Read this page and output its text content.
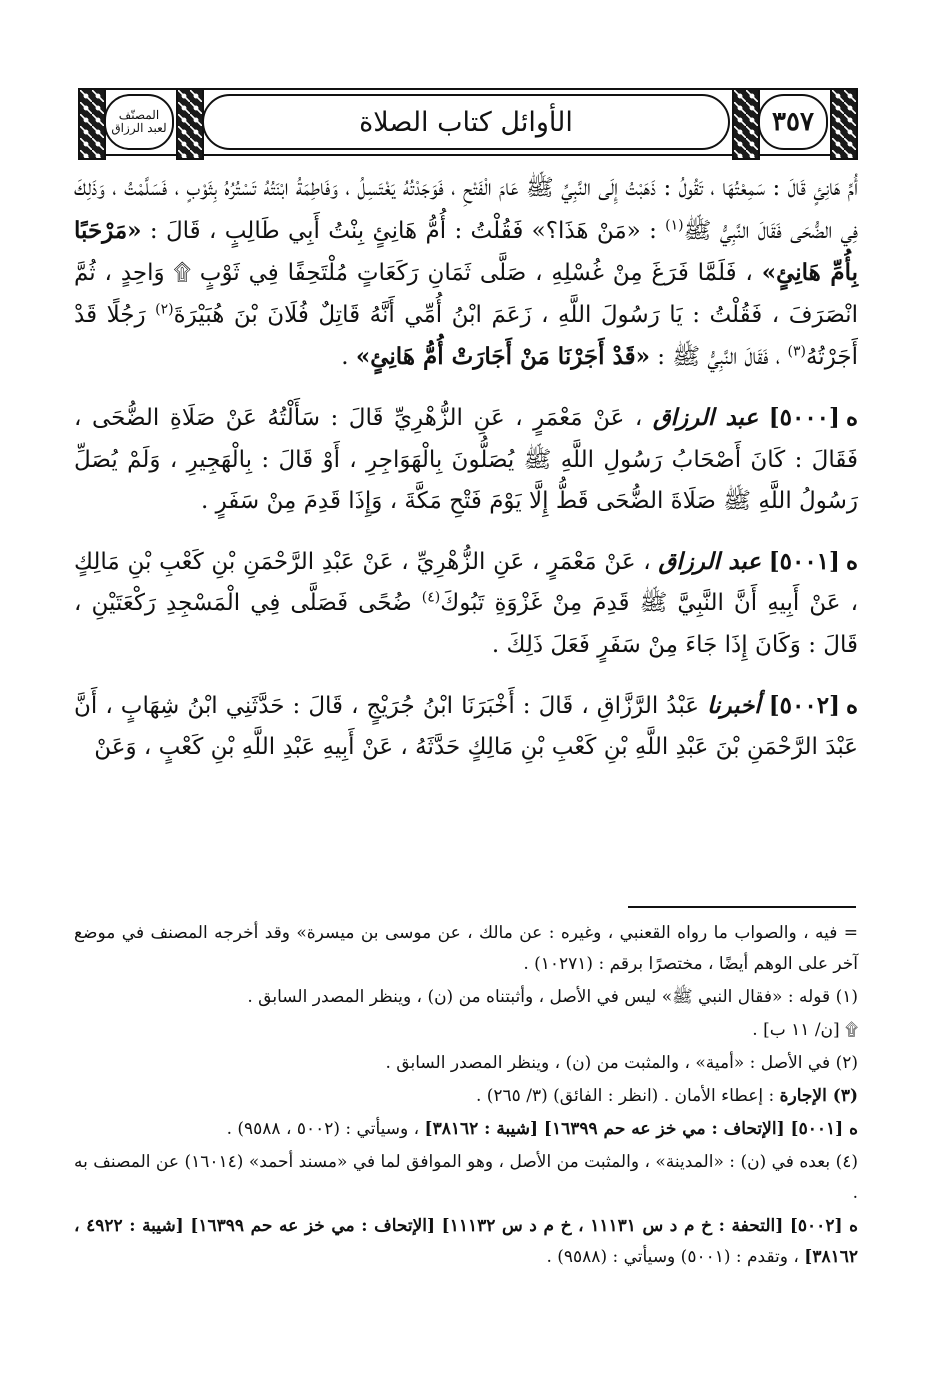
المصنّف
لعبد الرزاق	الأوائل كتاب الصلاة	٣٥٧

أُمِّ هَانِئٍ قَالَ : سَمِعْتُهَا ، تَقُولُ : ذَهَبْتُ إِلَى النَّبِيِّ ﷺ عَامَ الْفَتْحِ ، فَوَجَدْتُهُ يَغْتَسِلُ ، وَفَاطِمَةُ ابْنَتُهُ تَسْتُرُهُ بِثَوْبٍ ، فَسَلَّمْتُ ، وَذَلِكَ فِي الضُّحَى فَقَالَ النَّبِيُّ ﷺ$^{(١)}$ : «مَنْ هَذَا؟» فَقُلْتُ : أُمُّ هَانِئٍ بِنْتُ أَبِي طَالِبٍ ، قَالَ : «مَرْحَبًا بِأُمِّ هَانِئٍ» ، فَلَمَّا فَرَغَ مِنْ غُسْلِهِ ، صَلَّى ثَمَانِ رَكَعَاتٍ مُلْتَحِفًا فِي ثَوْبٍ ۩ وَاحِدٍ ، ثُمَّ انْصَرَفَ ، فَقُلْتُ : يَا رَسُولَ اللَّهِ ، زَعَمَ ابْنُ أُمِّي أَنَّهُ قَاتِلٌ فُلَانَ بْنَ هُبَيْرَةَ$^{(٢)}$ رَجُلًا قَدْ أَجَرْتُهُ$^{(٣)}$ ، فَقَالَ النَّبِيُّ ﷺ : «قَدْ أَجَرْنَا مَنْ أَجَارَتْ أُمُّ هَانِئٍ» .

ه[٥٠٠٠] عبد الرزاق ، عَنْ مَعْمَرٍ ، عَنِ الزُّهْرِيِّ قَالَ : سَأَلْتُهُ عَنْ صَلَاةِ الضُّحَى ، فَقَالَ : كَانَ أَصْحَابُ رَسُولِ اللَّهِ ﷺ يُصَلُّونَ بِالْهَوَاجِرِ ، أَوْ قَالَ : بِالْهَجِيرِ ، وَلَمْ يُصَلِّ رَسُولُ اللَّهِ ﷺ صَلَاةَ الضُّحَى قَطُّ إِلَّا يَوْمَ فَتْحِ مَكَّةَ ، وَإِذَا قَدِمَ مِنْ سَفَرٍ .

ه[٥٠٠١] عبد الرزاق ، عَنْ مَعْمَرٍ ، عَنِ الزُّهْرِيِّ ، عَنْ عَبْدِ الرَّحْمَنِ بْنِ كَعْبِ بْنِ مَالِكٍ ، عَنْ أَبِيهِ أَنَّ النَّبِيَّ ﷺ قَدِمَ مِنْ غَزْوَةِ تَبُوكَ$^{(٤)}$ ضُحًى فَصَلَّى فِي الْمَسْجِدِ رَكْعَتَيْنِ ، قَالَ : وَكَانَ إِذَا جَاءَ مِنْ سَفَرٍ فَعَلَ ذَلِكَ .

ه[٥٠٠٢] أخبرنا عَبْدُ الرَّزَّاقِ ، قَالَ : أَخْبَرَنَا ابْنُ جُرَيْجٍ ، قَالَ : حَدَّثَنِي ابْنُ شِهَابٍ ، أَنَّ عَبْدَ الرَّحْمَنِ بْنَ عَبْدِ اللَّهِ بْنِ كَعْبِ بْنِ مَالِكٍ حَدَّثَهُ ، عَنْ أَبِيهِ عَبْدِ اللَّهِ بْنِ كَعْبٍ ، وَعَنْ

= فيه ، والصواب ما رواه القعنبي ، وغيره : عن مالك ، عن موسى بن ميسرة» وقد أخرجه المصنف في موضع آخر على الوهم أيضًا ، مختصرًا برقم : (١٠٢٧١) .

(١) قوله : «فقال النبي ﷺ» ليس في الأصل ، وأثبتناه من (ن) ، وينظر المصدر السابق .

۩ [ن/ ١١ ب] .

(٢) في الأصل : «أمية» ، والمثبت من (ن) ، وينظر المصدر السابق .

(٣) الإجارة : إعطاء الأمان . (انظر : الفائق) (٣/ ٢٦٥) .

ه [٥٠٠١] [الإتحاف : مي خز عه حم ١٦٣٩٩] [شيبة : ٣٨١٦٢] ، وسيأتي : (٥٠٠٢ ، ٩٥٨٨) .

(٤) بعده في (ن) : «المدينة» ، والمثبت من الأصل ، وهو الموافق لما في «مسند أحمد» (١٦٠١٤) عن المصنف به .

ه [٥٠٠٢] [التحفة : خ م د س ١١١٣١ ، خ م د س ١١١٣٢] [الإتحاف : مي خز عه حم ١٦٣٩٩] [شيبة : ٤٩٢٢ ، ٣٨١٦٢] ، وتقدم : (٥٠٠١) وسيأتي : (٩٥٨٨) .
